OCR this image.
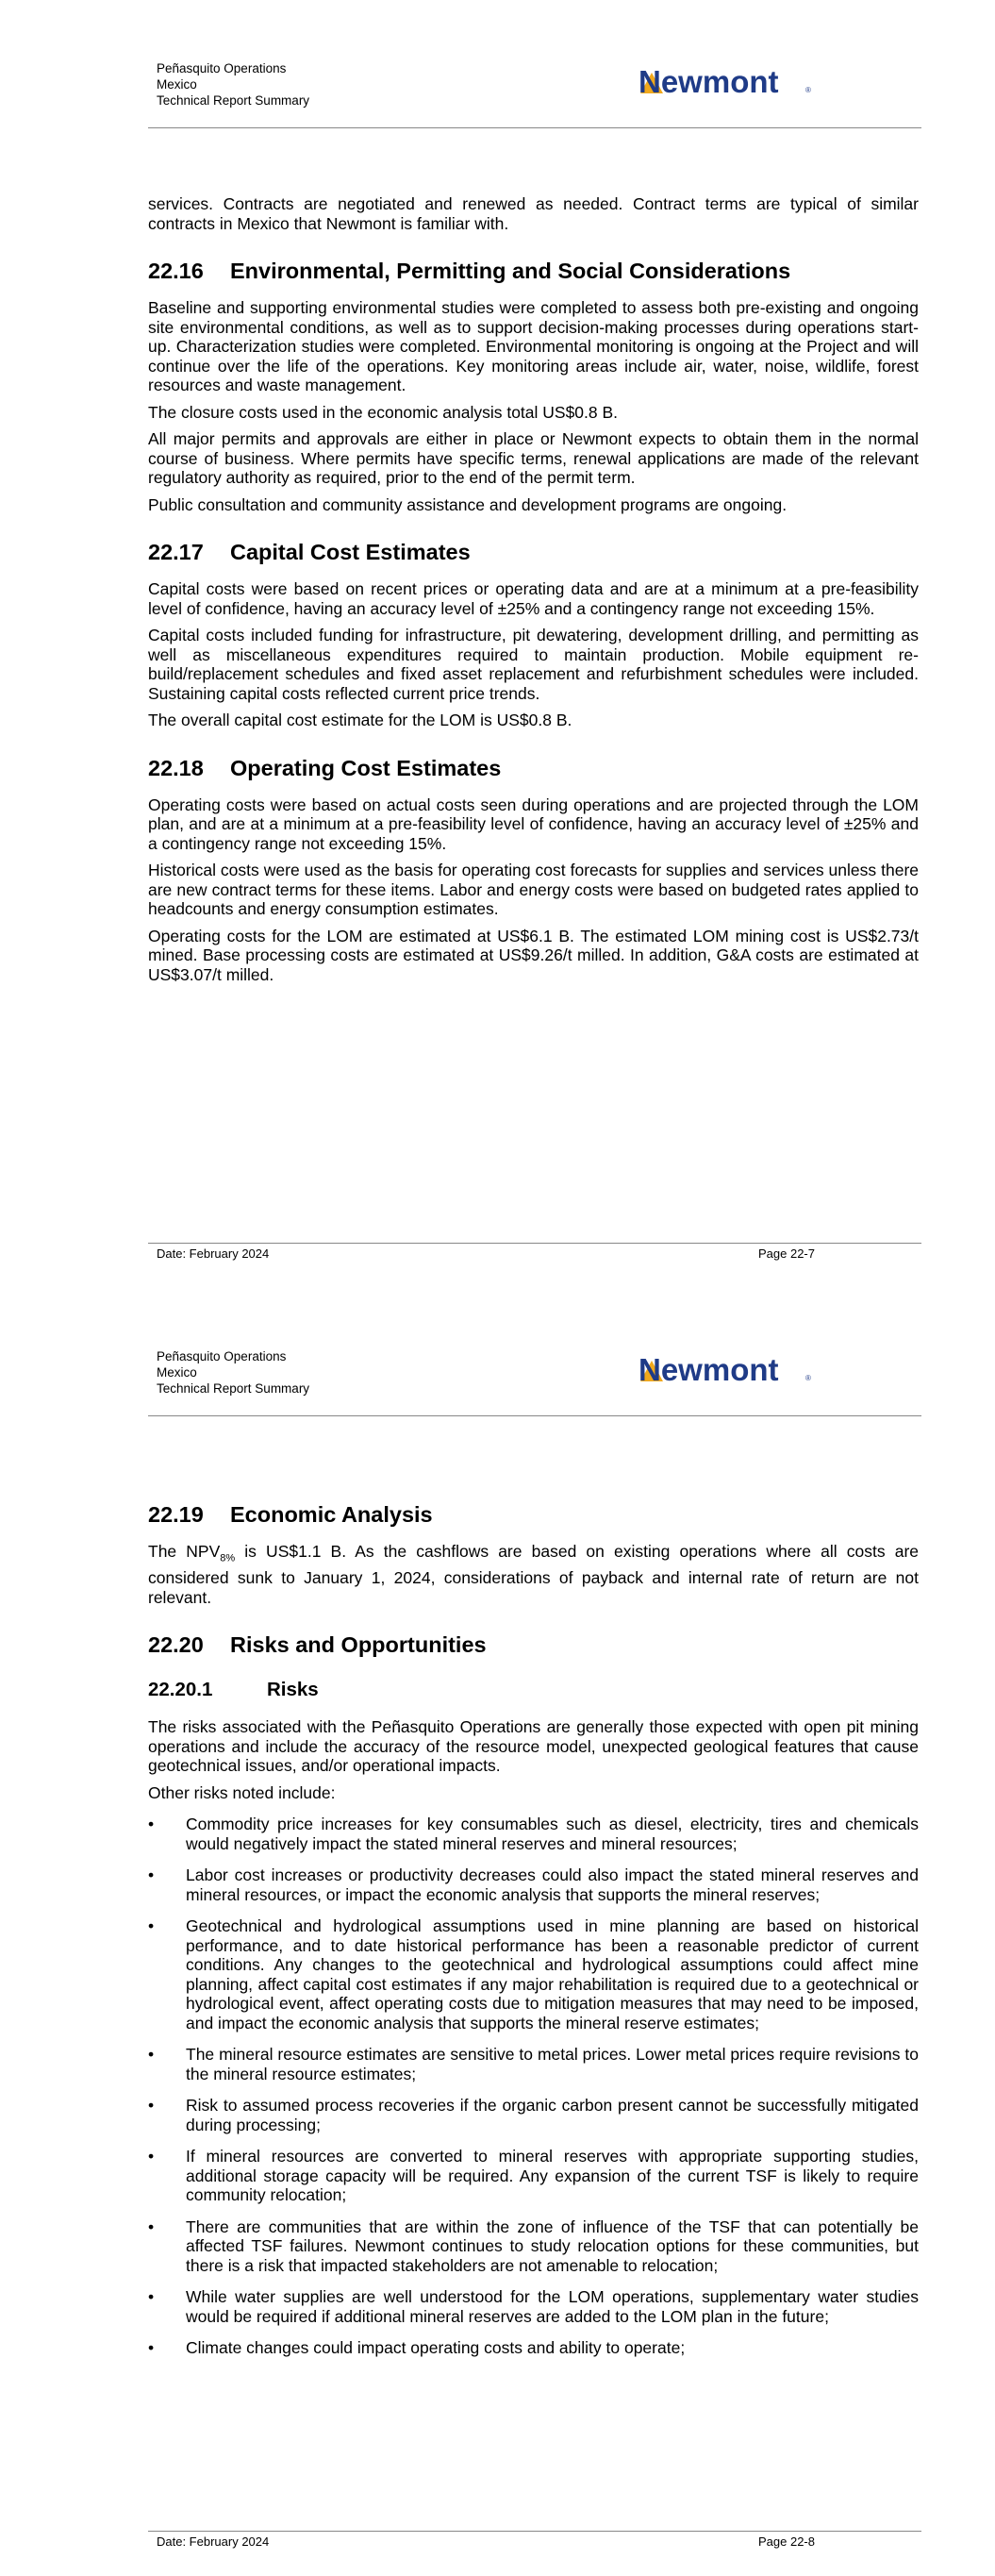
Peñasquito Operations
Mexico
Technical Report Summary
Newmont	®

services. Contracts are negotiated and renewed as needed. Contract terms are typical of similar contracts in Mexico that Newmont is familiar with.

22.16 Environmental, Permitting and Social Considerations

Baseline and supporting environmental studies were completed to assess both pre-existing and ongoing site environmental conditions, as well as to support decision-making processes during operations start-up. Characterization studies were completed. Environmental monitoring is ongoing at the Project and will continue over the life of the operations. Key monitoring areas include air, water, noise, wildlife, forest resources and waste management.

The closure costs used in the economic analysis total US$0.8 B.

All major permits and approvals are either in place or Newmont expects to obtain them in the normal course of business. Where permits have specific terms, renewal applications are made of the relevant regulatory authority as required, prior to the end of the permit term.

Public consultation and community assistance and development programs are ongoing.

22.17 Capital Cost Estimates

Capital costs were based on recent prices or operating data and are at a minimum at a pre-feasibility level of confidence, having an accuracy level of ±25% and a contingency range not exceeding 15%.

Capital costs included funding for infrastructure, pit dewatering, development drilling, and permitting as well as miscellaneous expenditures required to maintain production. Mobile equipment re-build/replacement schedules and fixed asset replacement and refurbishment schedules were included. Sustaining capital costs reflected current price trends.

The overall capital cost estimate for the LOM is US$0.8 B.

22.18 Operating Cost Estimates

Operating costs were based on actual costs seen during operations and are projected through the LOM plan, and are at a minimum at a pre-feasibility level of confidence, having an accuracy level of ±25% and a contingency range not exceeding 15%.

Historical costs were used as the basis for operating cost forecasts for supplies and services unless there are new contract terms for these items. Labor and energy costs were based on budgeted rates applied to headcounts and energy consumption estimates.

Operating costs for the LOM are estimated at US$6.1 B. The estimated LOM mining cost is US$2.73/t mined. Base processing costs are estimated at US$9.26/t milled. In addition, G&A costs are estimated at US$3.07/t milled.

Date: February 2024	Page 22-7
Peñasquito Operations
Mexico
Technical Report Summary
Newmont	®
22.19 Economic Analysis

The $NPV_{8\%}$ is US$1.1 B. As the cashflows are based on existing operations where all costs are considered sunk to January 1, 2024, considerations of payback and internal rate of return are not relevant.

22.20 Risks and Opportunities
22.20.1	Risks

The risks associated with the Peñasquito Operations are generally those expected with open pit mining operations and include the accuracy of the resource model, unexpected geological features that cause geotechnical issues, and/or operational impacts.

Other risks noted include:

• Commodity price increases for key consumables such as diesel, electricity, tires and chemicals would negatively impact the stated mineral reserves and mineral resources;
• Labor cost increases or productivity decreases could also impact the stated mineral reserves and mineral resources, or impact the economic analysis that supports the mineral reserves;
• Geotechnical and hydrological assumptions used in mine planning are based on historical performance, and to date historical performance has been a reasonable predictor of current conditions. Any changes to the geotechnical and hydrological assumptions could affect mine planning, affect capital cost estimates if any major rehabilitation is required due to a geotechnical or hydrological event, affect operating costs due to mitigation measures that may need to be imposed, and impact the economic analysis that supports the mineral reserve estimates;
• The mineral resource estimates are sensitive to metal prices. Lower metal prices require revisions to the mineral resource estimates;
• Risk to assumed process recoveries if the organic carbon present cannot be successfully mitigated during processing;
• If mineral resources are converted to mineral reserves with appropriate supporting studies, additional storage capacity will be required. Any expansion of the current TSF is likely to require community relocation;
• There are communities that are within the zone of influence of the TSF that can potentially be affected TSF failures. Newmont continues to study relocation options for these communities, but there is a risk that impacted stakeholders are not amenable to relocation;
• While water supplies are well understood for the LOM operations, supplementary water studies would be required if additional mineral reserves are added to the LOM plan in the future;
• Climate changes could impact operating costs and ability to operate;
Date: February 2024	Page 22-8
